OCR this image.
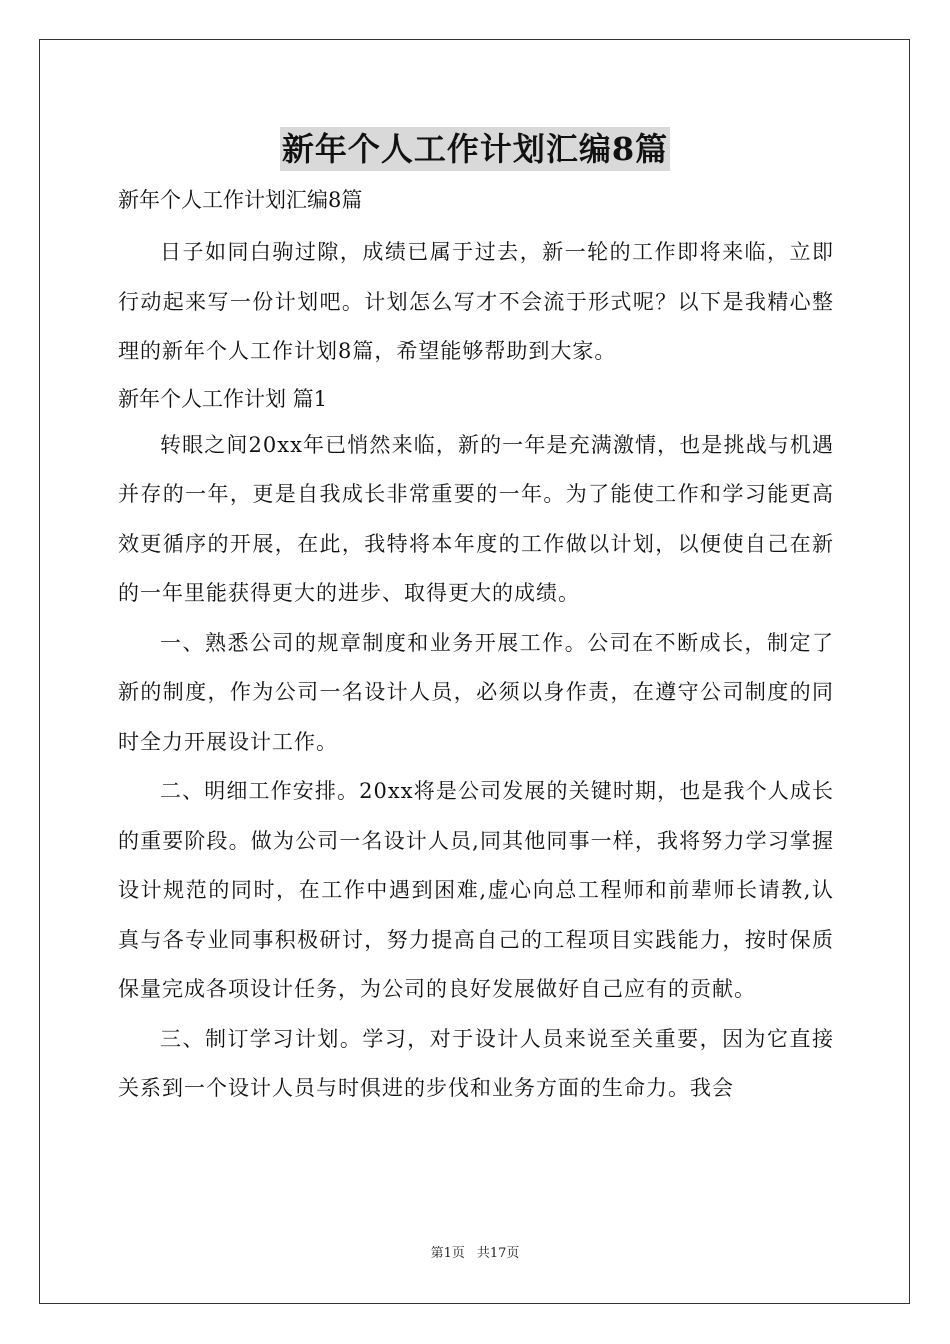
新年个人工作计划汇编8篇

新年个人工作计划汇编8篇

日子如同白驹过隙，成绩已属于过去，新一轮的工作即将来临，立即行动起来写一份计划吧。计划怎么写才不会流于形式呢？以下是我精心整理的新年个人工作计划8篇，希望能够帮助到大家。

新年个人工作计划 篇1

转眼之间20xx年已悄然来临，新的一年是充满激情，也是挑战与机遇并存的一年，更是自我成长非常重要的一年。为了能使工作和学习能更高效更循序的开展，在此，我特将本年度的工作做以计划，以便使自己在新的一年里能获得更大的进步、取得更大的成绩。

一、熟悉公司的规章制度和业务开展工作。公司在不断成长，制定了新的制度，作为公司一名设计人员，必须以身作责，在遵守公司制度的同时全力开展设计工作。

二、明细工作安排。20xx将是公司发展的关键时期，也是我个人成长的重要阶段。做为公司一名设计人员,同其他同事一样，我将努力学习掌握设计规范的同时，在工作中遇到困难,虚心向总工程师和前辈师长请教,认真与各专业同事积极研讨，努力提高自己的工程项目实践能力，按时保质保量完成各项设计任务，为公司的良好发展做好自己应有的贡献。

三、制订学习计划。学习，对于设计人员来说至关重要，因为它直接关系到一个设计人员与时俱进的步伐和业务方面的生命力。我会

第1页 共17页
